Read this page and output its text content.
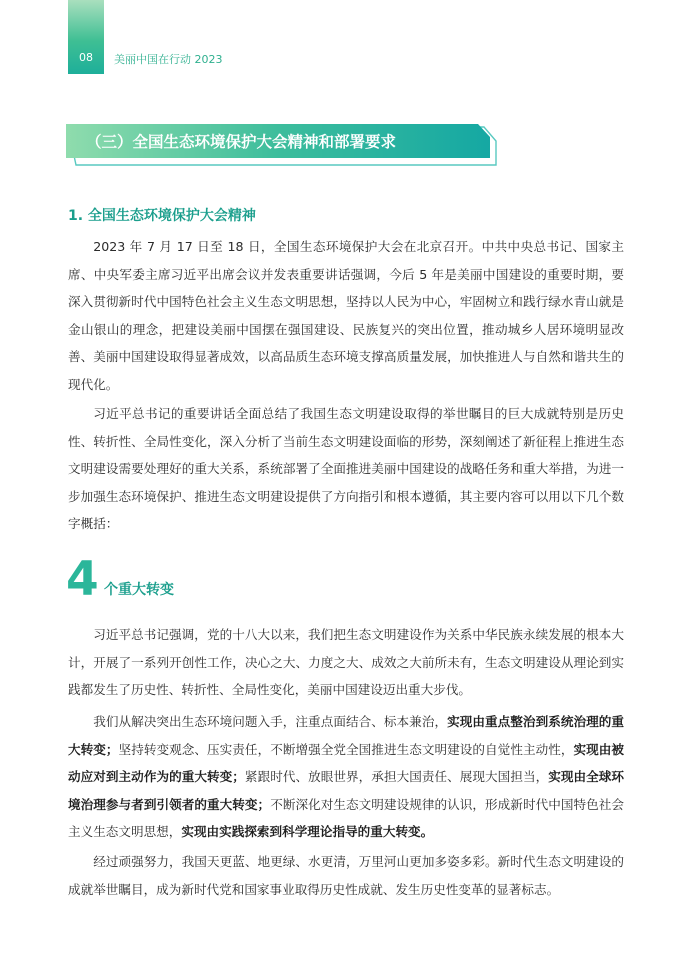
08 美丽中国在行动 2023
（三）全国生态环境保护大会精神和部署要求
1. 全国生态环境保护大会精神

2023 年 7 月 17 日至 18 日，全国生态环境保护大会在北京召开。中共中央总书记、国家主席、中央军委主席习近平出席会议并发表重要讲话强调，今后 5 年是美丽中国建设的重要时期，要深入贯彻新时代中国特色社会主义生态文明思想，坚持以人民为中心，牢固树立和践行绿水青山就是金山银山的理念，把建设美丽中国摆在强国建设、民族复兴的突出位置，推动城乡人居环境明显改善、美丽中国建设取得显著成效，以高品质生态环境支撑高质量发展，加快推进人与自然和谐共生的现代化。

习近平总书记的重要讲话全面总结了我国生态文明建设取得的举世瞩目的巨大成就特别是历史性、转折性、全局性变化，深入分析了当前生态文明建设面临的形势，深刻阐述了新征程上推进生态文明建设需要处理好的重大关系，系统部署了全面推进美丽中国建设的战略任务和重大举措，为进一步加强生态环境保护、推进生态文明建设提供了方向指引和根本遵循，其主要内容可以用以下几个数字概括：

4 个重大转变

习近平总书记强调，党的十八大以来，我们把生态文明建设作为关系中华民族永续发展的根本大计，开展了一系列开创性工作，决心之大、力度之大、成效之大前所未有，生态文明建设从理论到实践都发生了历史性、转折性、全局性变化，美丽中国建设迈出重大步伐。

我们从解决突出生态环境问题入手，注重点面结合、标本兼治，实现由重点整治到系统治理的重大转变；坚持转变观念、压实责任，不断增强全党全国推进生态文明建设的自觉性主动性，实现由被动应对到主动作为的重大转变；紧跟时代、放眼世界，承担大国责任、展现大国担当，实现由全球环境治理参与者到引领者的重大转变；不断深化对生态文明建设规律的认识，形成新时代中国特色社会主义生态文明思想，实现由实践探索到科学理论指导的重大转变。

经过顽强努力，我国天更蓝、地更绿、水更清，万里河山更加多姿多彩。新时代生态文明建设的成就举世瞩目，成为新时代党和国家事业取得历史性成就、发生历史性变革的显著标志。
